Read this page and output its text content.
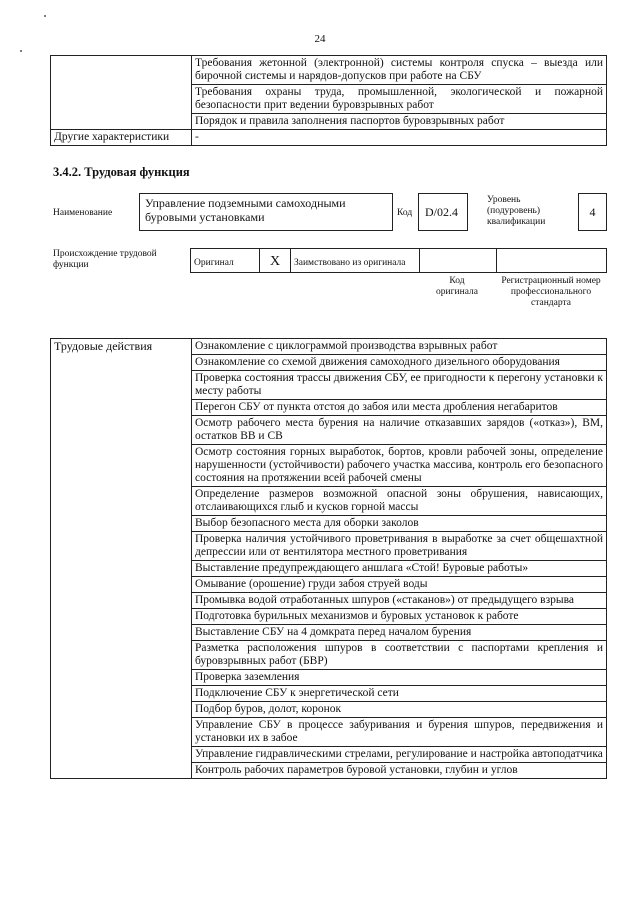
24
	Требования жетонной (электронной) системы контроля спуска – выезда или бирочной системы и нарядов-допусков при работе на СБУ
	Требования охраны труда, промышленной, экологической и пожарной безопасности прит ведении буровзрывных работ
	Порядок и правила заполнения паспортов буровзрывных работ
Другие характеристики	-
3.4.2. Трудовая функция
Наименование
Управление подземными самоходными буровыми установками	Код	D/02.4
Уровень (подуровень) квалификации
4
Происхождение трудовой функции	Оригинал	X	Заимствовано из оригинала		
Код оригинала
Регистрационный номер профессионального стандарта
Трудовые действия	Ознакомление с циклограммой производства взрывных работ
Ознакомление со схемой движения самоходного дизельного оборудования
Проверка состояния трассы движения СБУ, ее пригодности к перегону установки к месту работы
Перегон СБУ от пункта отстоя до забоя или места дробления негабаритов
Осмотр рабочего места бурения на наличие отказавших зарядов («отказ»), ВМ, остатков ВВ и СВ
Осмотр состояния горных выработок, бортов, кровли рабочей зоны, определение нарушенности (устойчивости) рабочего участка массива, контроль его безопасного состояния на протяжении всей рабочей смены
Определение размеров возможной опасной зоны обрушения, нависающих, отслаивающихся глыб и кусков горной массы
Выбор безопасного места для оборки заколов
Проверка наличия устойчивого проветривания в выработке за счет общешахтной депрессии или от вентилятора местного проветривания
Выставление предупреждающего аншлага «Стой! Буровые работы»
Омывание (орошение) груди забоя струей воды
Промывка водой отработанных шпуров («стаканов») от предыдущего взрыва
Подготовка бурильных механизмов и буровых установок к работе
Выставление СБУ на 4 домкрата перед началом бурения
Разметка расположения шпуров в соответствии с паспортами крепления и буровзрывных работ (БВР)
Проверка заземления
Подключение СБУ к энергетической сети
Подбор буров, долот, коронок
Управление СБУ в процессе забуривания и бурения шпуров, передвижения и установки их в забое
Управление гидравлическими стрелами, регулирование и настройка автоподатчика
Контроль рабочих параметров буровой установки, глубин и углов
